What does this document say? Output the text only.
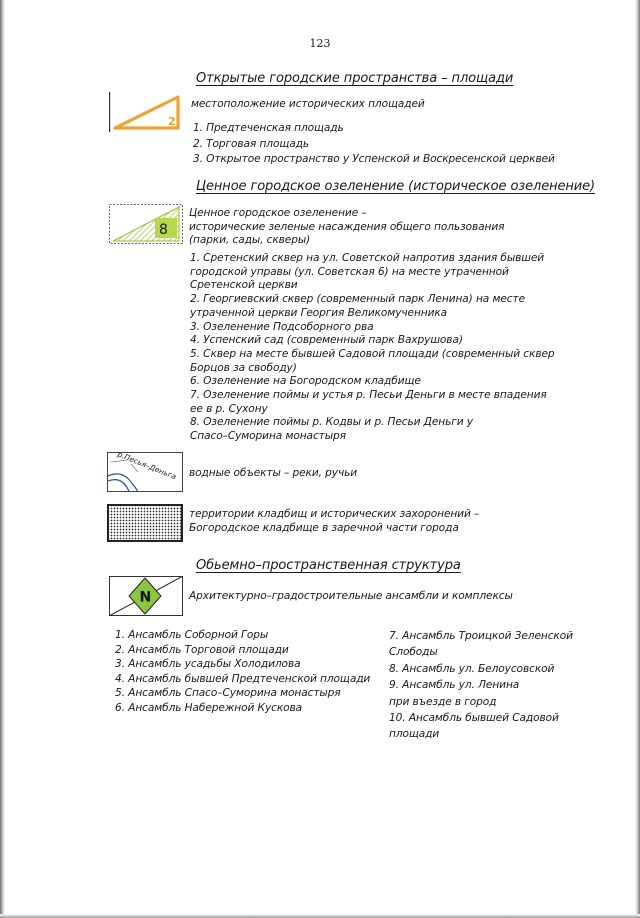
123
Открытые городские пространства – площади
2
местоположение исторических площадей
1. Предтеченская площадь
2. Торговая площадь
3. Открытое пространство у Успенской и Воскресенской церквей
Ценное городское озеленение (историческое озеленение)
8
Ценное городское озеленение –
исторические зеленые насаждения общего пользования
(парки, сады, скверы)
1. Сретенский сквер на ул. Советской напротив здания бывшей
городской управы (ул. Советская 6) на месте утраченной
Сретенской церкви
2. Георгиевский сквер (современный парк Ленина) на месте
утраченной церкви Георгия Великомученника
3. Озеленение Подсоборного рва
4. Успенский сад (современный парк Вахрушова)
5. Сквер на месте бывшей Садовой площади (современный сквер
Борцов за свободу)
6. Озеленение на Богородском кладбище
7. Озеленение поймы и устья р. Песьи Деньги в месте впадения
ее в р. Сухону
8. Озеленение поймы р. Кодвы и р. Песьи Деньги у
Спасо–Суморина монастыря
р.Песья–Деньга водные объекты – реки, ручьи
территории кладбищ и исторических захоронений –
Богородское кладбище в заречной части города
Обьемно–пространственная структура
N	Архитектурно–градостроительные ансамбли и комплексы
1. Ансамбль Соборной Горы
2. Ансамбль Торговой площади
3. Ансамбль усадьбы Холодилова
4. Ансамбль бывшей Предтеченской площади
5. Ансамбль Спасо–Суморина монастыря
6. Ансамбль Набережной Кускова
7. Ансамбль Троицкой Зеленской
Слободы
8. Ансамбль ул. Белоусовской
9. Ансамбль ул. Ленина
при въезде в город
10. Ансамбль бывшей Садовой
площади
